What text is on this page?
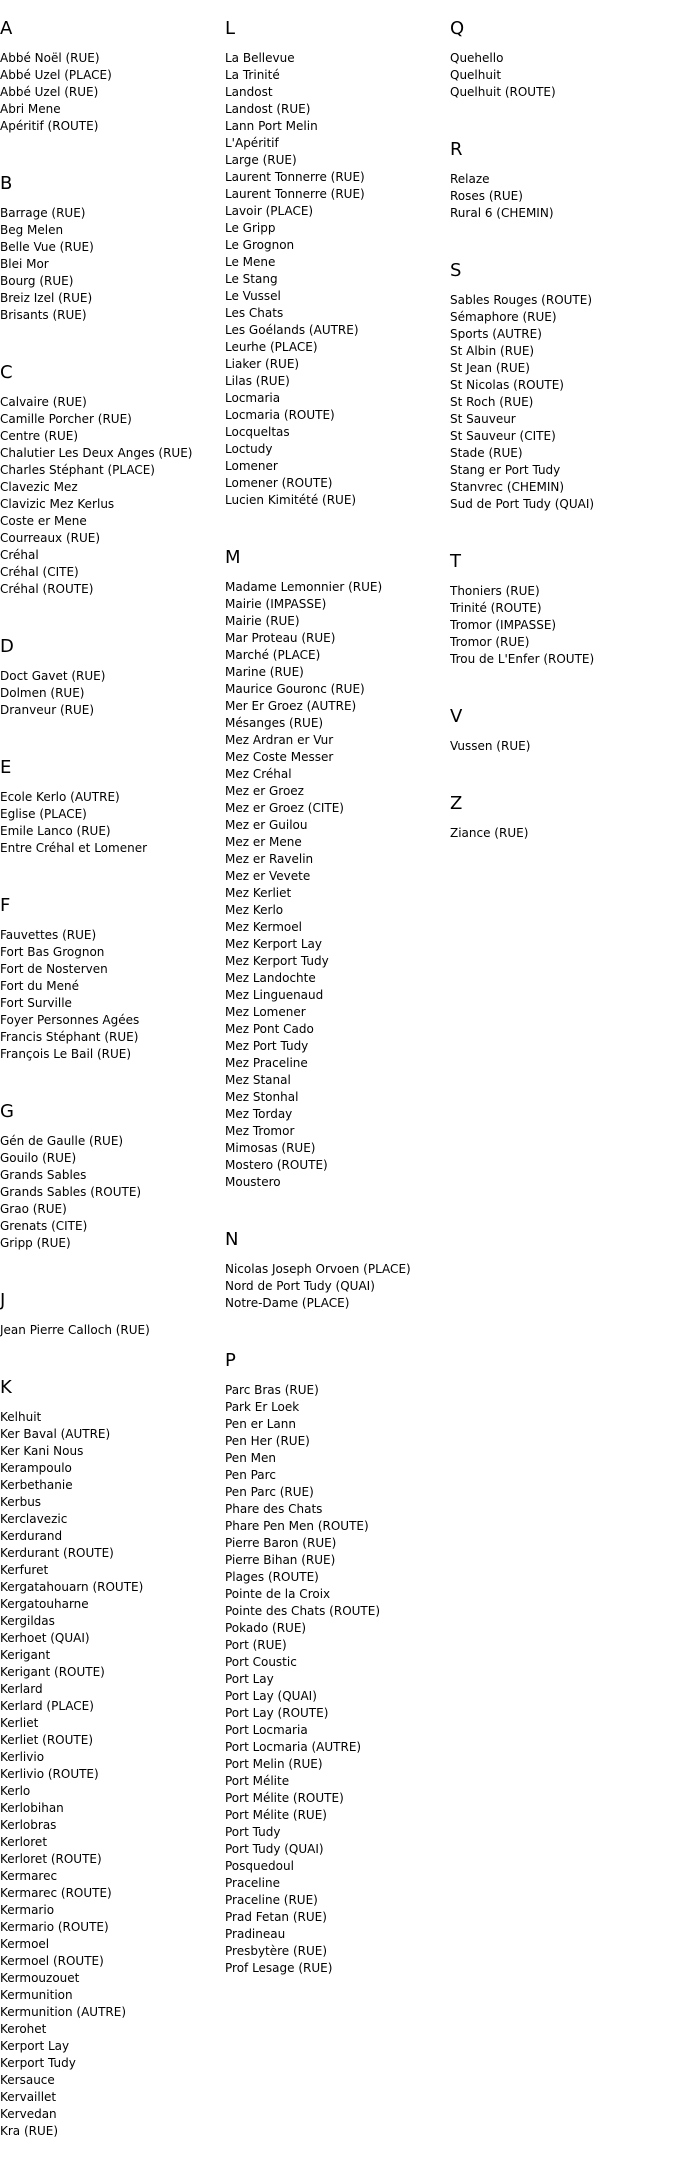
A
Abbé Noël (RUE)
Abbé Uzel (PLACE)
Abbé Uzel (RUE)
Abri Mene
Apéritif (ROUTE)
B
Barrage (RUE)
Beg Melen
Belle Vue (RUE)
Blei Mor
Bourg (RUE)
Breiz Izel (RUE)
Brisants (RUE)
C
Calvaire (RUE)
Camille Porcher (RUE)
Centre (RUE)
Chalutier Les Deux Anges (RUE)
Charles Stéphant (PLACE)
Clavezic Mez
Clavizic Mez Kerlus
Coste er Mene
Courreaux (RUE)
Créhal
Créhal (CITE)
Créhal (ROUTE)
D
Doct Gavet (RUE)
Dolmen (RUE)
Dranveur (RUE)
E
Ecole Kerlo (AUTRE)
Eglise (PLACE)
Emile Lanco (RUE)
Entre Créhal et Lomener
F
Fauvettes (RUE)
Fort Bas Grognon
Fort de Nosterven
Fort du Mené
Fort Surville
Foyer Personnes Agées
Francis Stéphant (RUE)
François Le Bail (RUE)
G
Gén de Gaulle (RUE)
Gouilo (RUE)
Grands Sables
Grands Sables (ROUTE)
Grao (RUE)
Grenats (CITE)
Gripp (RUE)
J
Jean Pierre Calloch (RUE)
K
Kelhuit
Ker Baval (AUTRE)
Ker Kani Nous
Kerampoulo
Kerbethanie
Kerbus
Kerclavezic
Kerdurand
Kerdurant (ROUTE)
Kerfuret
Kergatahouarn (ROUTE)
Kergatouharne
Kergildas
Kerhoet (QUAI)
Kerigant
Kerigant (ROUTE)
Kerlard
Kerlard (PLACE)
Kerliet
Kerliet (ROUTE)
Kerlivio
Kerlivio (ROUTE)
Kerlo
Kerlobihan
Kerlobras
Kerloret
Kerloret (ROUTE)
Kermarec
Kermarec (ROUTE)
Kermario
Kermario (ROUTE)
Kermoel
Kermoel (ROUTE)
Kermouzouet
Kermunition
Kermunition (AUTRE)
Kerohet
Kerport Lay
Kerport Tudy
Kersauce
Kervaillet
Kervedan
Kra (RUE)
L
La Bellevue
La Trinité
Landost
Landost (RUE)
Lann Port Melin
L'Apéritif
Large (RUE)
Laurent Tonnerre (RUE)
Laurent Tonnerre (RUE)
Lavoir (PLACE)
Le Gripp
Le Grognon
Le Mene
Le Stang
Le Vussel
Les Chats
Les Goélands (AUTRE)
Leurhe (PLACE)
Liaker (RUE)
Lilas (RUE)
Locmaria
Locmaria (ROUTE)
Locqueltas
Loctudy
Lomener
Lomener (ROUTE)
Lucien Kimitété (RUE)
M
Madame Lemonnier (RUE)
Mairie (IMPASSE)
Mairie (RUE)
Mar Proteau (RUE)
Marché (PLACE)
Marine (RUE)
Maurice Gouronc (RUE)
Mer Er Groez (AUTRE)
Mésanges (RUE)
Mez Ardran er Vur
Mez Coste Messer
Mez Créhal
Mez er Groez
Mez er Groez (CITE)
Mez er Guilou
Mez er Mene
Mez er Ravelin
Mez er Vevete
Mez Kerliet
Mez Kerlo
Mez Kermoel
Mez Kerport Lay
Mez Kerport Tudy
Mez Landochte
Mez Linguenaud
Mez Lomener
Mez Pont Cado
Mez Port Tudy
Mez Praceline
Mez Stanal
Mez Stonhal
Mez Torday
Mez Tromor
Mimosas (RUE)
Mostero (ROUTE)
Moustero
N
Nicolas Joseph Orvoen (PLACE)
Nord de Port Tudy (QUAI)
Notre-Dame (PLACE)
P
Parc Bras (RUE)
Park Er Loek
Pen er Lann
Pen Her (RUE)
Pen Men
Pen Parc
Pen Parc (RUE)
Phare des Chats
Phare Pen Men (ROUTE)
Pierre Baron (RUE)
Pierre Bihan (RUE)
Plages (ROUTE)
Pointe de la Croix
Pointe des Chats (ROUTE)
Pokado (RUE)
Port (RUE)
Port Coustic
Port Lay
Port Lay (QUAI)
Port Lay (ROUTE)
Port Locmaria
Port Locmaria (AUTRE)
Port Melin (RUE)
Port Mélite
Port Mélite (ROUTE)
Port Mélite (RUE)
Port Tudy
Port Tudy (QUAI)
Posquedoul
Praceline
Praceline (RUE)
Prad Fetan (RUE)
Pradineau
Presbytère (RUE)
Prof Lesage (RUE)
Q
Quehello
Quelhuit
Quelhuit (ROUTE)
R
Relaze
Roses (RUE)
Rural 6 (CHEMIN)
S
Sables Rouges (ROUTE)
Sémaphore (RUE)
Sports (AUTRE)
St Albin (RUE)
St Jean (RUE)
St Nicolas (ROUTE)
St Roch (RUE)
St Sauveur
St Sauveur (CITE)
Stade (RUE)
Stang er Port Tudy
Stanvrec (CHEMIN)
Sud de Port Tudy (QUAI)
T
Thoniers (RUE)
Trinité (ROUTE)
Tromor (IMPASSE)
Tromor (RUE)
Trou de L'Enfer (ROUTE)
V
Vussen (RUE)
Z
Ziance (RUE)
